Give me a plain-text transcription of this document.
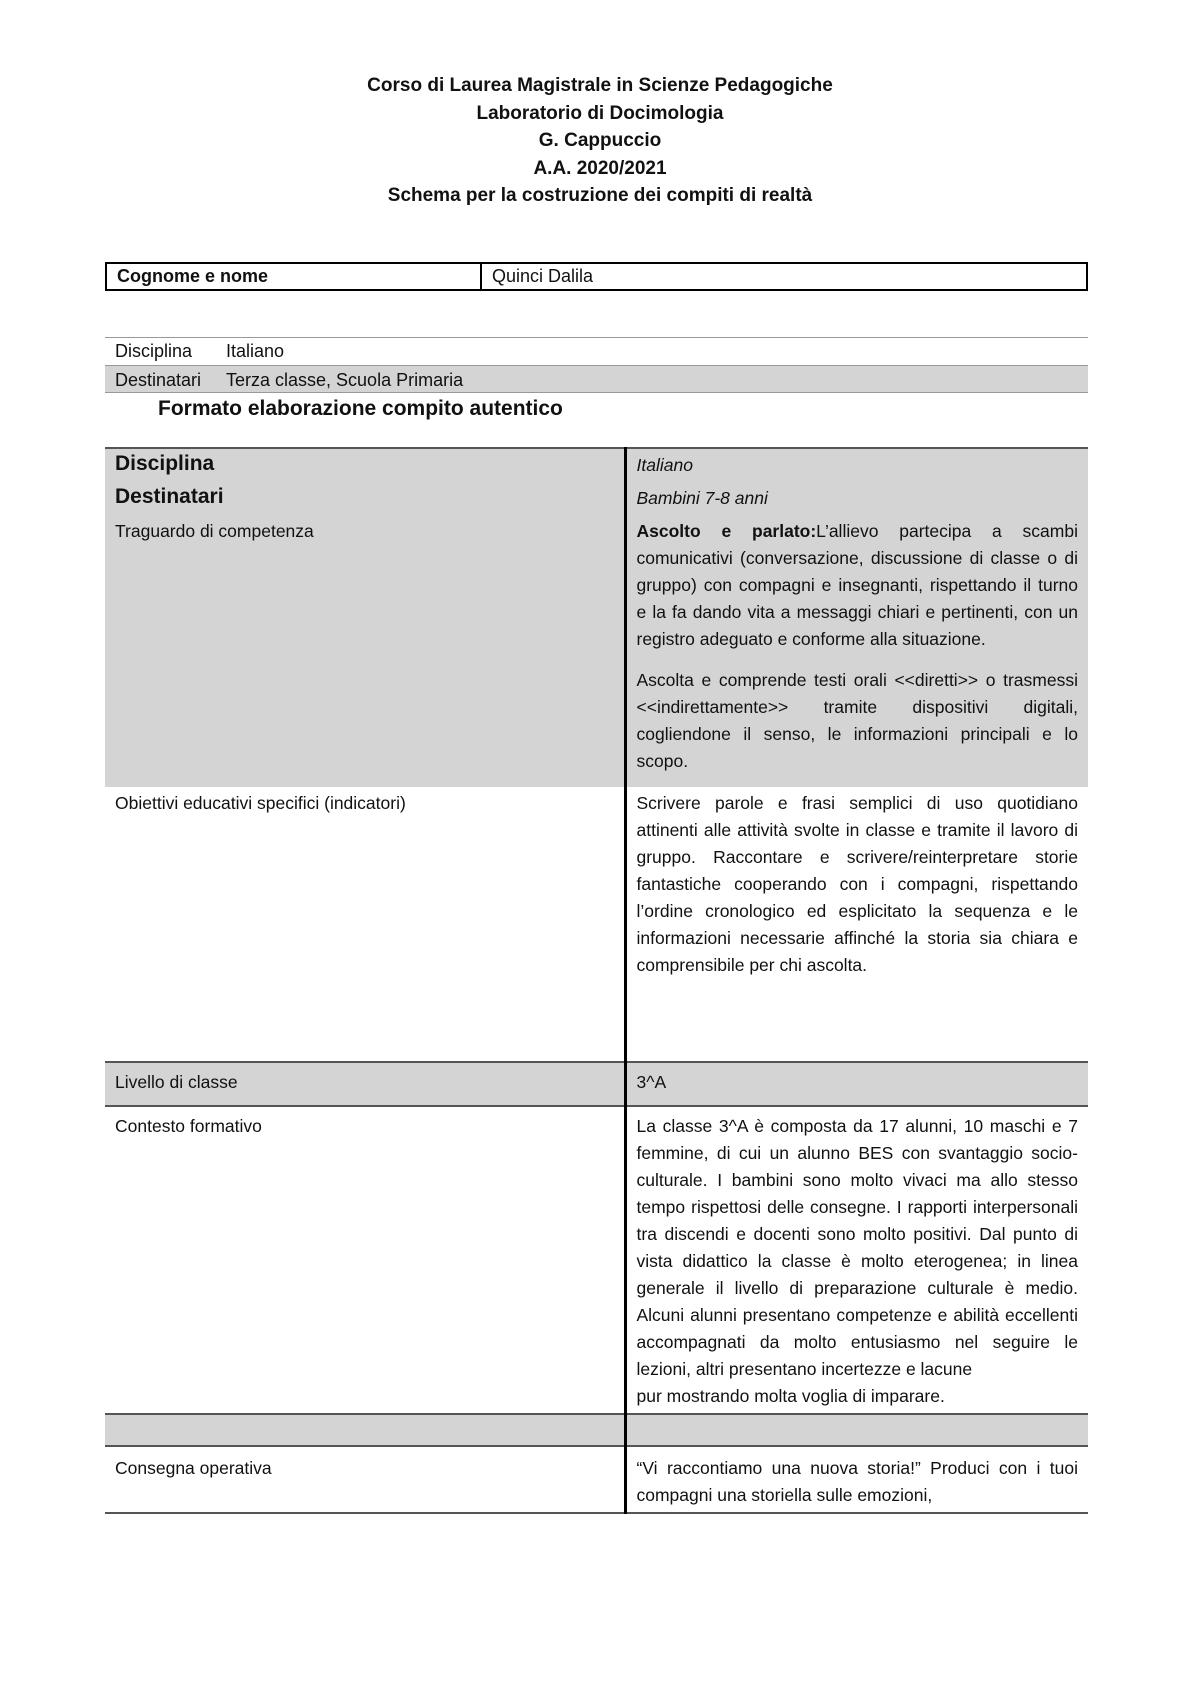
Corso di Laurea Magistrale in Scienze Pedagogiche
Laboratorio di Docimologia
G. Cappuccio
A.A. 2020/2021
Schema per la costruzione dei compiti di realtà
Cognome e nome	Quinci Dalila
Disciplina Italiano
Destinatari Terza classe, Scuola Primaria
Formato elaborazione compito autentico
Disciplina	Italiano
Destinatari	Bambini 7-8 anni
Traguardo di competenza	Ascolto e parlato:L’allievo partecipa a scambi comunicativi (conversazione, discussione di classe o di gruppo) con compagni e insegnanti, rispettando il turno e la fa dando vita a messaggi chiari e pertinenti, con un registro adeguato e conforme alla situazione.

Ascolta e comprende testi orali <<diretti>> o trasmessi <<indirettamente>> tramite dispositivi digitali, cogliendone il senso, le informazioni principali e lo scopo.

Obiettivi educativi specifici (indicatori)	Scrivere parole e frasi semplici di uso quotidiano attinenti alle attività svolte in classe e tramite il lavoro di gruppo. Raccontare e scrivere/reinterpretare storie fantastiche cooperando con i compagni, rispettando l’ordine cronologico ed esplicitato la sequenza e le informazioni necessarie affinché la storia sia chiara e comprensibile per chi ascolta.

Livello di classe	3^A
Contesto formativo	La classe 3^A è composta da 17 alunni, 10 maschi e 7 femmine, di cui un alunno BES con svantaggio socio-culturale. I bambini sono molto vivaci ma allo stesso tempo rispettosi delle consegne. I rapporti interpersonali tra discendi e docenti sono molto positivi. Dal punto di vista didattico la classe è molto eterogenea; in linea generale il livello di preparazione culturale è medio. Alcuni alunni presentano competenze e abilità eccellenti accompagnati da molto entusiasmo nel seguire le lezioni, altri presentano incertezze e lacune

pur mostrando molta voglia di imparare.

Consegna operativa	“Vi raccontiamo una nuova storia!” Produci con i tuoi compagni una storiella sulle emozioni,
